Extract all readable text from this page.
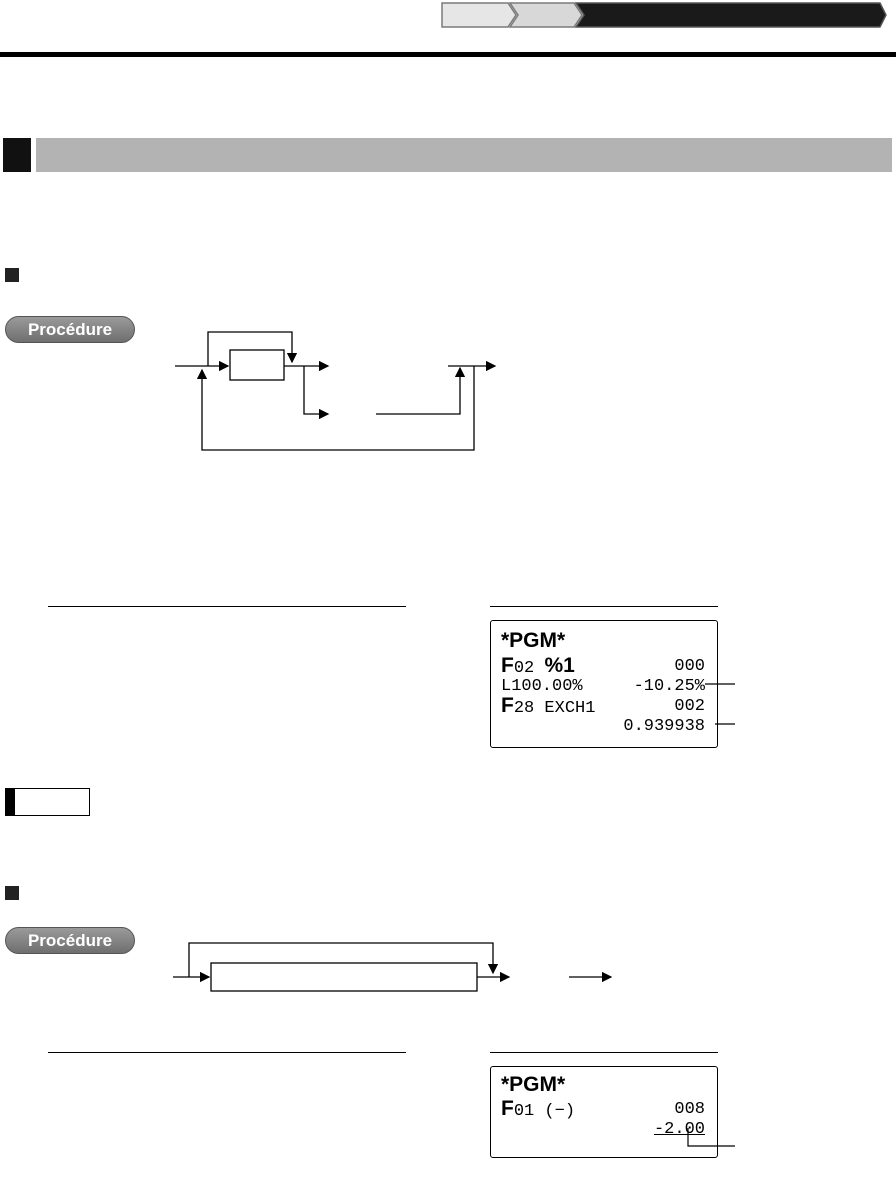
Procédure
*PGM*
F02 %1	000
L100.00%	-10.25%
F28 EXCH1	002
0.939938
Procédure
*PGM*
F01 (−)	008
-2.00
